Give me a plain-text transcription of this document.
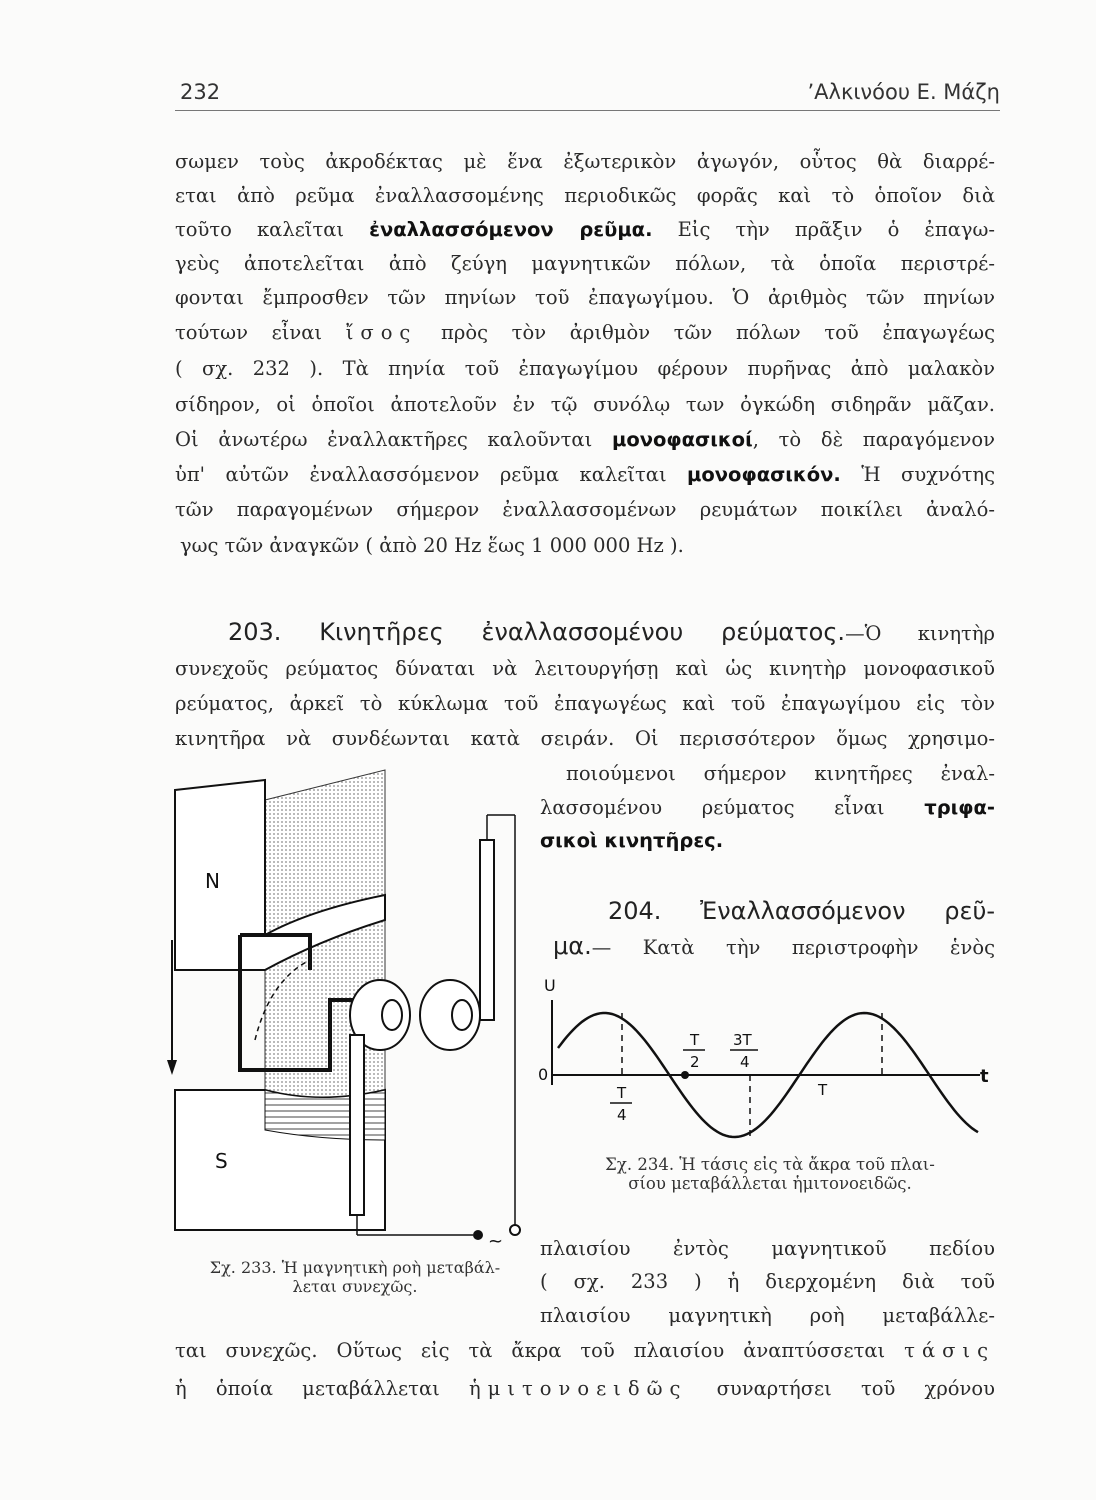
232	ʼΑλκινόου Ε. Μάζη
σωμεν τοὺς ἀκροδέκτας μὲ ἕνα ἐξωτερικὸν ἀγωγόν, οὗτος θὰ διαρρέ-
εται ἀπὸ ρεῦμα ἐναλλασσομένης περιοδικῶς φορᾶς καὶ τὸ ὁποῖον διὰ
τοῦτο καλεῖται ἐναλλασσόμενον ρεῦμα. Εἰς τὴν πρᾶξιν ὁ ἐπαγω-
γεὺς ἀποτελεῖται ἀπὸ ζεύγη μαγνητικῶν πόλων, τὰ ὁποῖα περιστρέ-
φονται ἔμπροσθεν τῶν πηνίων τοῦ ἐπαγωγίμου. Ὁ ἀριθμὸς τῶν πηνίων
τούτων εἶναι ἴσος πρὸς τὸν ἀριθμὸν τῶν πόλων τοῦ ἐπαγωγέως
( σχ. 232 ). Τὰ πηνία τοῦ ἐπαγωγίμου φέρουν πυρῆνας ἀπὸ μαλακὸν
σίδηρον, οἱ ὁποῖοι ἀποτελοῦν ἐν τῷ συνόλῳ των ὀγκώδη σιδηρᾶν μᾶζαν.
Οἱ ἀνωτέρω ἐναλλακτῆρες καλοῦνται μονοφασικοί, τὸ δὲ παραγόμενον
ὑπ' αὐτῶν ἐναλλασσόμενον ρεῦμα καλεῖται μονοφασικόν. Ἡ συχνότης
τῶν παραγομένων σήμερον ἐναλλασσομένων ρευμάτων ποικίλει ἀναλό-
γως τῶν ἀναγκῶν ( ἀπὸ 20 Hz ἕως 1 000 000 Hz ).
203. Κινητῆρες ἐναλλασσομένου ρεύματος.—Ὁ κινητὴρ
συνεχοῦς ρεύματος δύναται νὰ λειτουργήσῃ καὶ ὡς κινητὴρ μονοφασικοῦ
ρεύματος, ἀρκεῖ τὸ κύκλωμα τοῦ ἐπαγωγέως καὶ τοῦ ἐπαγωγίμου εἰς τὸν
κινητῆρα νὰ συνδέωνται κατὰ σειράν. Οἱ περισσότερον ὅμως χρησιμο-
ποιούμενοι σήμερον κινητῆρες ἐναλ-
λασσομένου ρεύματος εἶναι τριφα-
σικοὶ κινητῆρες.
204. Ἐναλλασσόμενον ρεῦ-
μα.— Κατὰ τὴν περιστροφὴν ἑνὸς
U
0	t
T
4
T
2
3T
4
T
Σχ. 234. Ἡ τάσις εἰς τὰ ἄκρα τοῦ πλαι-
σίου μεταβάλλεται ἡμιτονοειδῶς.
N
S
~
Σχ. 233. Ἡ μαγνητικὴ ροὴ μεταβάλ-
λεται συνεχῶς.
πλαισίου ἐντὸς μαγνητικοῦ πεδίου
( σχ. 233 ) ἡ διερχομένη διὰ τοῦ
πλαισίου μαγνητικὴ ροὴ μεταβάλλε-
ται συνεχῶς. Οὕτως εἰς τὰ ἄκρα τοῦ πλαισίου ἀναπτύσσεται τάσις
ἡ ὁποία μεταβάλλεται ἡμιτονοειδῶς συναρτήσει τοῦ χρόνου
